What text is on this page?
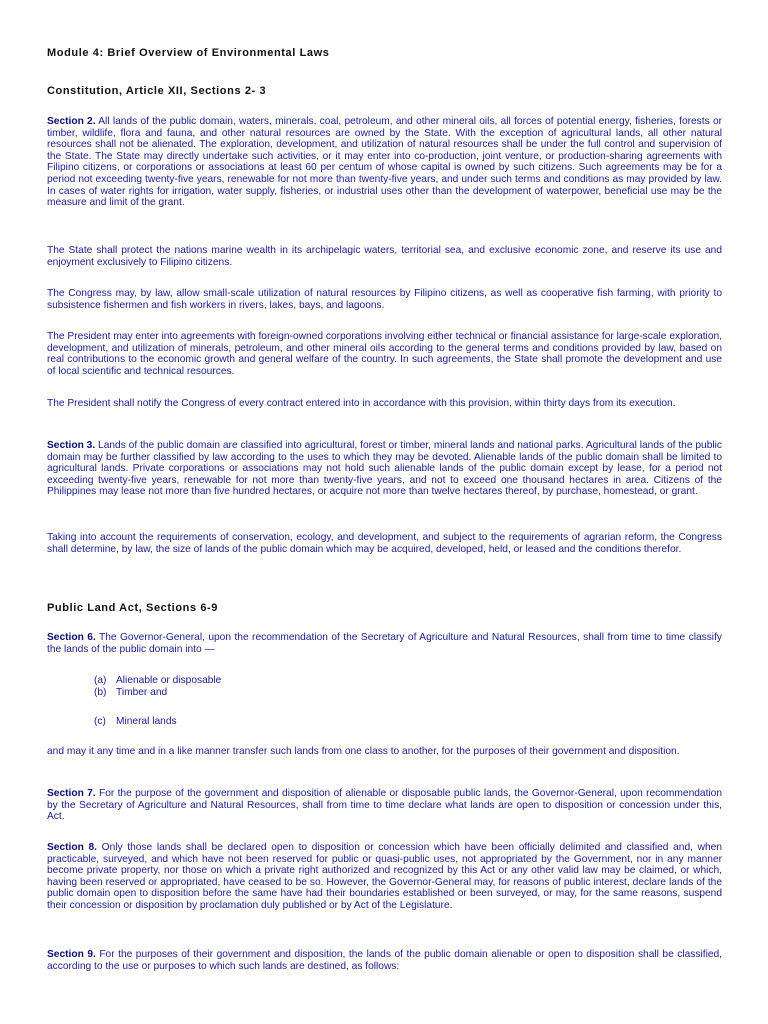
Module 4: Brief Overview of Environmental Laws
Constitution, Article XII, Sections 2- 3

Section 2. All lands of the public domain, waters, minerals, coal, petroleum, and other mineral oils, all forces of potential energy, fisheries, forests or timber, wildlife, flora and fauna, and other natural resources are owned by the State. With the exception of agricultural lands, all other natural resources shall not be alienated. The exploration, development, and utilization of natural resources shall be under the full control and supervision of the State. The State may directly undertake such activities, or it may enter into co-production, joint venture, or production-sharing agreements with Filipino citizens, or corporations or associations at least 60 per centum of whose capital is owned by such citizens. Such agreements may be for a period not exceeding twenty-five years, renewable for not more than twenty-five years, and under such terms and conditions as may provided by law. In cases of water rights for irrigation, water supply, fisheries, or industrial uses other than the development of waterpower, beneficial use may be the measure and limit of the grant.

The State shall protect the nations marine wealth in its archipelagic waters, territorial sea, and exclusive economic zone, and reserve its use and enjoyment exclusively to Filipino citizens.

The Congress may, by law, allow small-scale utilization of natural resources by Filipino citizens, as well as cooperative fish farming, with priority to subsistence fishermen and fish workers in rivers, lakes, bays, and lagoons.

The President may enter into agreements with foreign-owned corporations involving either technical or financial assistance for large-scale exploration, development, and utilization of minerals, petroleum, and other mineral oils according to the general terms and conditions provided by law, based on real contributions to the economic growth and general welfare of the country. In such agreements, the State shall promote the development and use of local scientific and technical resources.

The President shall notify the Congress of every contract entered into in accordance with this provision, within thirty days from its execution.

Section 3. Lands of the public domain are classified into agricultural, forest or timber, mineral lands and national parks. Agricultural lands of the public domain may be further classified by law according to the uses to which they may be devoted. Alienable lands of the public domain shall be limited to agricultural lands. Private corporations or associations may not hold such alienable lands of the public domain except by lease, for a period not exceeding twenty-five years, renewable for not more than twenty-five years, and not to exceed one thousand hectares in area. Citizens of the Philippines may lease not more than five hundred hectares, or acquire not more than twelve hectares thereof, by purchase, homestead, or grant.

Taking into account the requirements of conservation, ecology, and development, and subject to the requirements of agrarian reform, the Congress shall determine, by law, the size of lands of the public domain which may be acquired, developed, held, or leased and the conditions therefor.

Public Land Act, Sections 6-9

Section 6. The Governor-General, upon the recommendation of the Secretary of Agriculture and Natural Resources, shall from time to time classify the lands of the public domain into —

(a) Alienable or disposable
(b) Timber and
(c) Mineral lands

and may it any time and in a like manner transfer such lands from one class to another, for the purposes of their government and disposition.

Section 7. For the purpose of the government and disposition of alienable or disposable public lands, the Governor-General, upon recommendation by the Secretary of Agriculture and Natural Resources, shall from time to time declare what lands are open to disposition or concession under this, Act.

Section 8. Only those lands shall be declared open to disposition or concession which have been officially delimited and classified and, when practicable, surveyed, and which have not been reserved for public or quasi-public uses, not appropriated by the Government, nor in any manner become private property, nor those on which a private right authorized and recognized by this Act or any other valid law may be claimed, or which, having been reserved or appropriated, have ceased to be so. However, the Governor-General may, for reasons of public interest, declare lands of the public domain open to disposition before the same have had their boundaries established or been surveyed, or may, for the same reasons, suspend their concession or disposition by proclamation duly published or by Act of the Legislature.

Section 9. For the purposes of their government and disposition, the lands of the public domain alienable or open to disposition shall be classified, according to the use or purposes to which such lands are destined, as follows:
